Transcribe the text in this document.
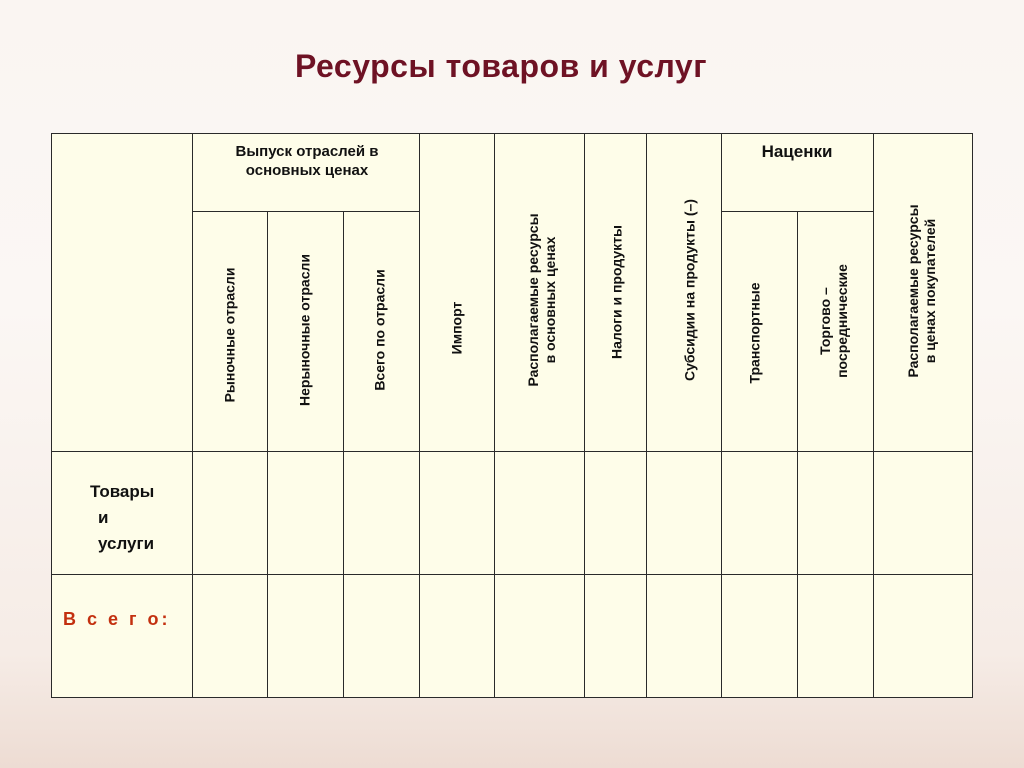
Ресурсы товаров и услуг
Выпуск отраслей в основных ценах
Наценки
Рыночные отрасли	Нерыночные отрасли	Всего по отрасли	Импорт	Располагаемые ресурсы в основных ценах	Налоги и продукты	Субсидии на продукты (–)	Транспортные	Торгово – посреднические	Располагаемые ресурсы в ценах покупателей
Товары
и
услуги
В с е г о:
